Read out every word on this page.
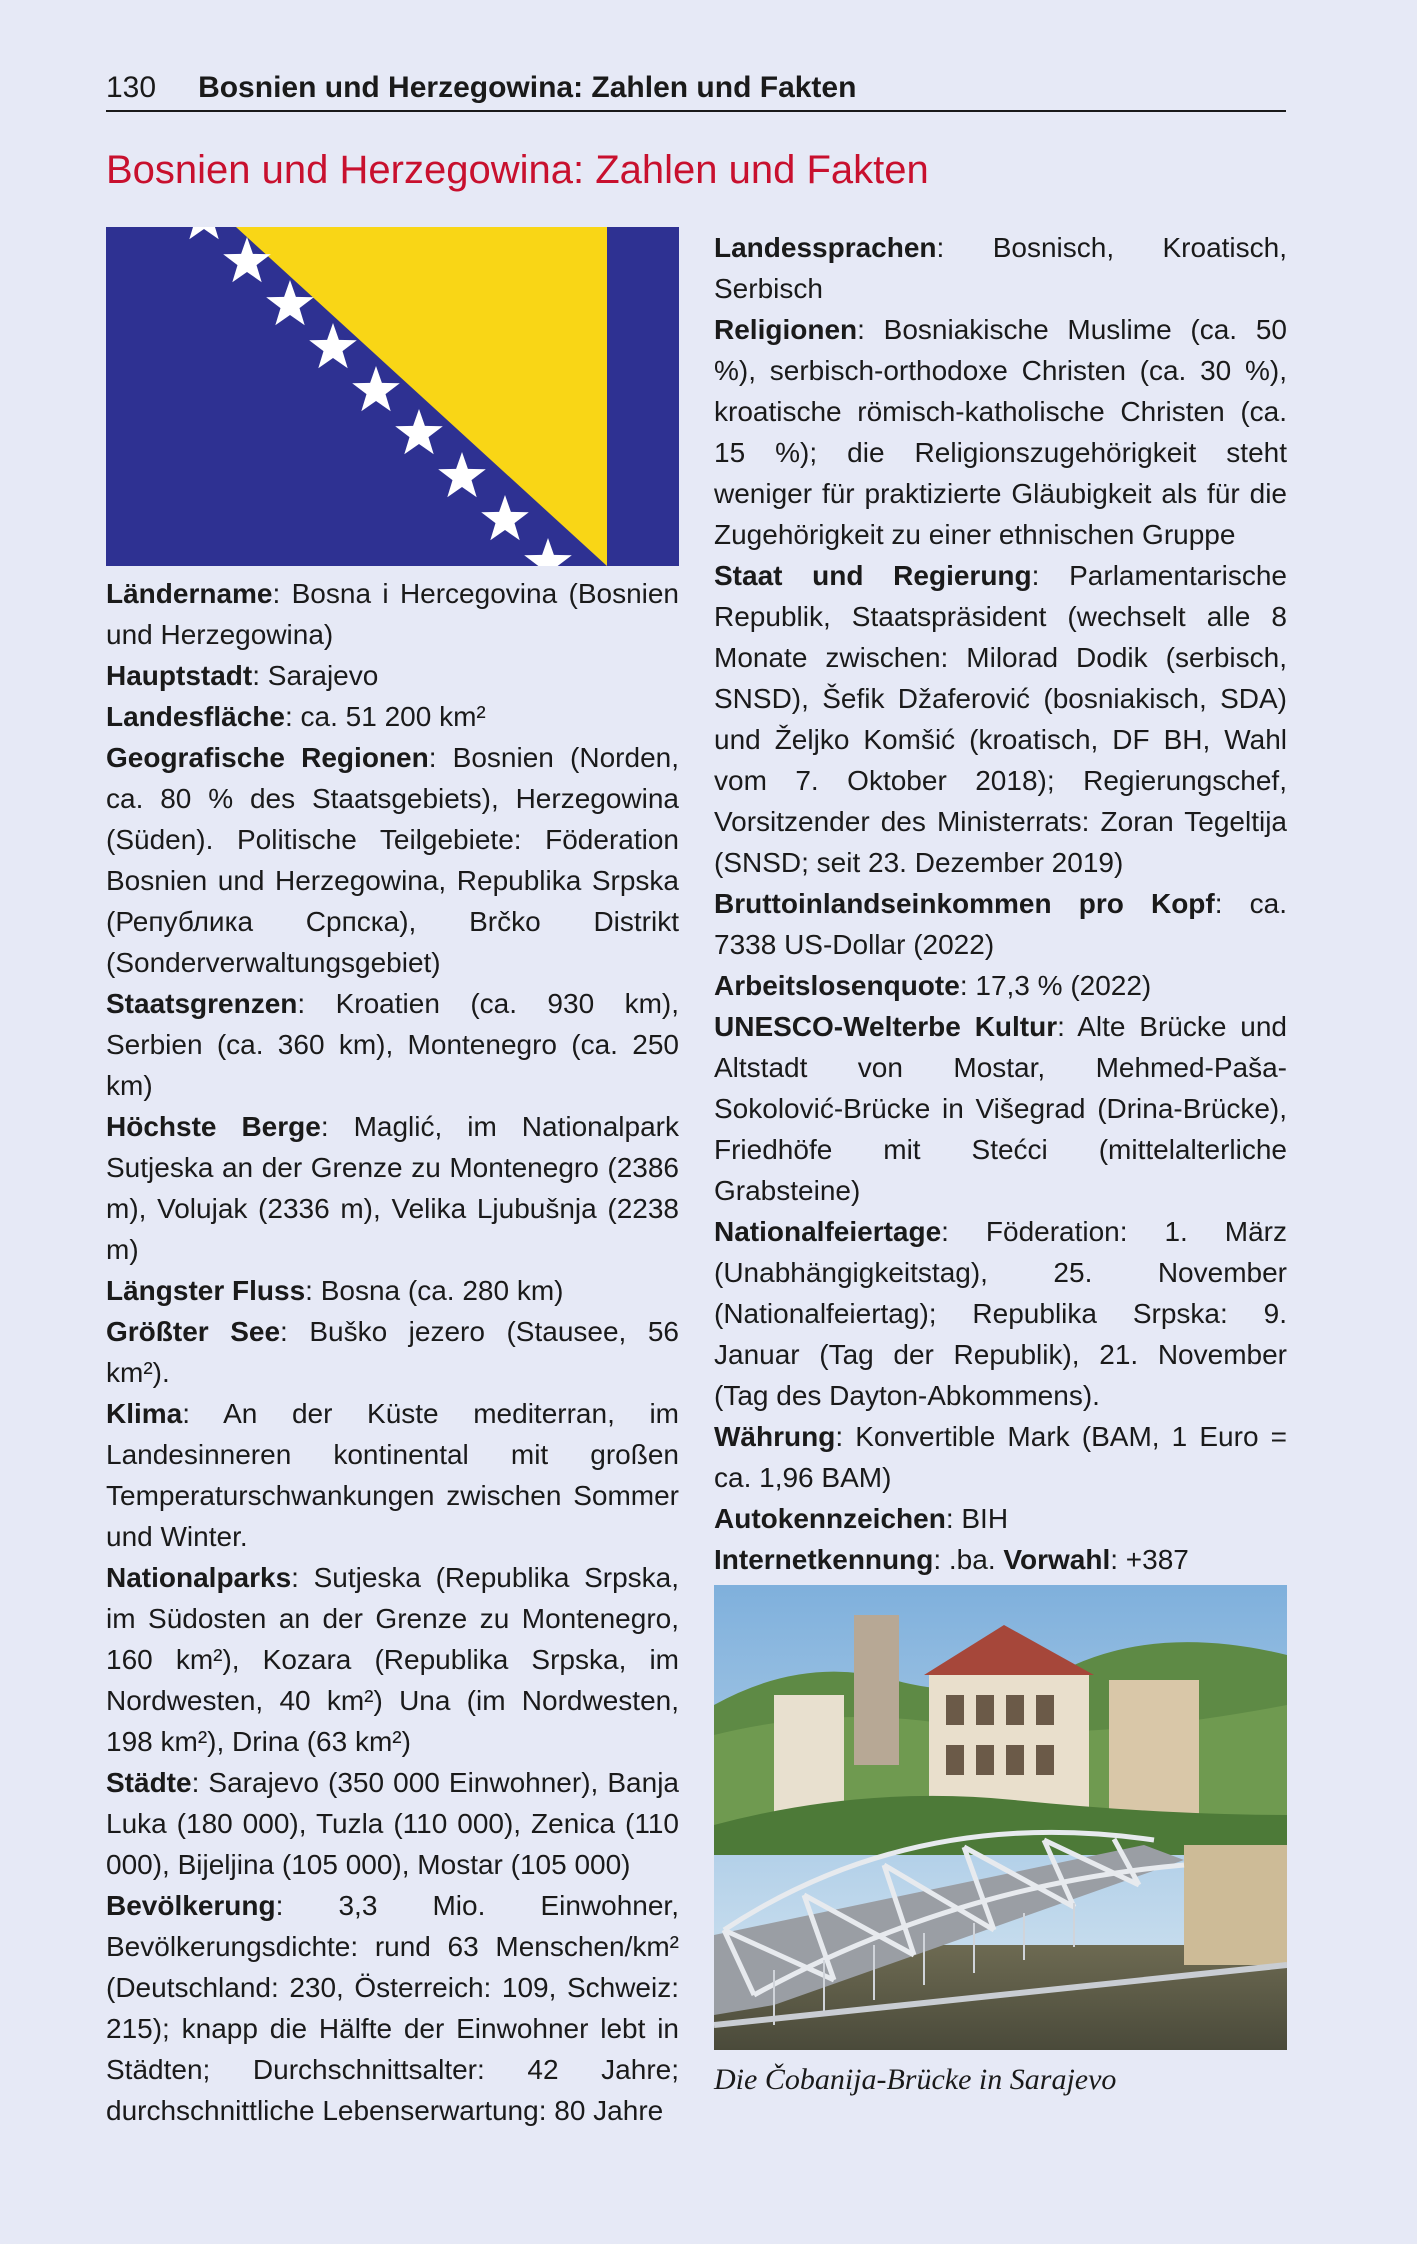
130 Bosnien und Herzegowina: Zahlen und Fakten
Bosnien und Herzegowina: Zahlen und Fakten

Ländername: Bosna i Hercegovina (Bosnien und Herzegowina)

Hauptstadt: Sarajevo

Landesfläche: ca. 51 200 km²

Geografische Regionen: Bosnien (Norden, ca. 80 % des Staatsgebiets), Herzegowina (Süden). Politische Teilgebiete: Föderation Bosnien und Herzegowina, Republika Srpska (Република Српска), Brčko Distrikt (Sonderverwaltungsgebiet)

Staatsgrenzen: Kroatien (ca. 930 km), Serbien (ca. 360 km), Montenegro (ca. 250 km)

Höchste Berge: Maglić, im Nationalpark Sutjeska an der Grenze zu Montenegro (2386 m), Volujak (2336 m), Velika Ljubušnja (2238 m)

Längster Fluss: Bosna (ca. 280 km)

Größter See: Buško jezero (Stausee, 56 km²).

Klima: An der Küste mediterran, im Landesinneren kontinental mit großen Temperaturschwankungen zwischen Sommer und Winter.

Nationalparks: Sutjeska (Republika Srpska, im Südosten an der Grenze zu Montenegro, 160 km²), Kozara (Republika Srpska, im Nordwesten, 40 km²) Una (im Nordwesten, 198 km²), Drina (63 km²)

Städte: Sarajevo (350 000 Einwohner), Banja Luka (180 000), Tuzla (110 000), Zenica (110 000), Bijeljina (105 000), Mostar (105 000)

Bevölkerung: 3,3 Mio. Einwohner, Bevölkerungsdichte: rund 63 Menschen/km² (Deutschland: 230, Österreich: 109, Schweiz: 215); knapp die Hälfte der Einwohner lebt in Städten; Durchschnittsalter: 42 Jahre; durchschnittliche Lebenserwartung: 80 Jahre

Landessprachen: Bosnisch, Kroatisch, Serbisch

Religionen: Bosniakische Muslime (ca. 50 %), serbisch-orthodoxe Christen (ca. 30 %), kroatische römisch-katholische Christen (ca. 15 %); die Religionszugehörigkeit steht weniger für praktizierte Gläubigkeit als für die Zugehörigkeit zu einer ethnischen Gruppe

Staat und Regierung: Parlamentarische Republik, Staatspräsident (wechselt alle 8 Monate zwischen: Milorad Dodik (serbisch, SNSD), Šefik Džaferović (bosniakisch, SDA) und Željko Komšić (kroatisch, DF BH, Wahl vom 7. Oktober 2018); Regierungschef, Vorsitzender des Ministerrats: Zoran Tegeltija (SNSD; seit 23. Dezember 2019)

Bruttoinlandseinkommen pro Kopf: ca. 7338 US-Dollar (2022)

Arbeitslosenquote: 17,3 % (2022)

UNESCO-Welterbe Kultur: Alte Brücke und Altstadt von Mostar, Mehmed-Paša-Sokolović-Brücke in Višegrad (Drina-Brücke), Friedhöfe mit Stećci (mittelalterliche Grabsteine)

Nationalfeiertage: Föderation: 1. März (Unabhängigkeitstag), 25. November (Nationalfeiertag); Republika Srpska: 9. Januar (Tag der Republik), 21. November (Tag des Dayton-Abkommens).

Währung: Konvertible Mark (BAM, 1 Euro = ca. 1,96 BAM)

Autokennzeichen: BIH

Internetkennung: .ba. Vorwahl: +387

Die Čobanija-Brücke in Sarajevo
